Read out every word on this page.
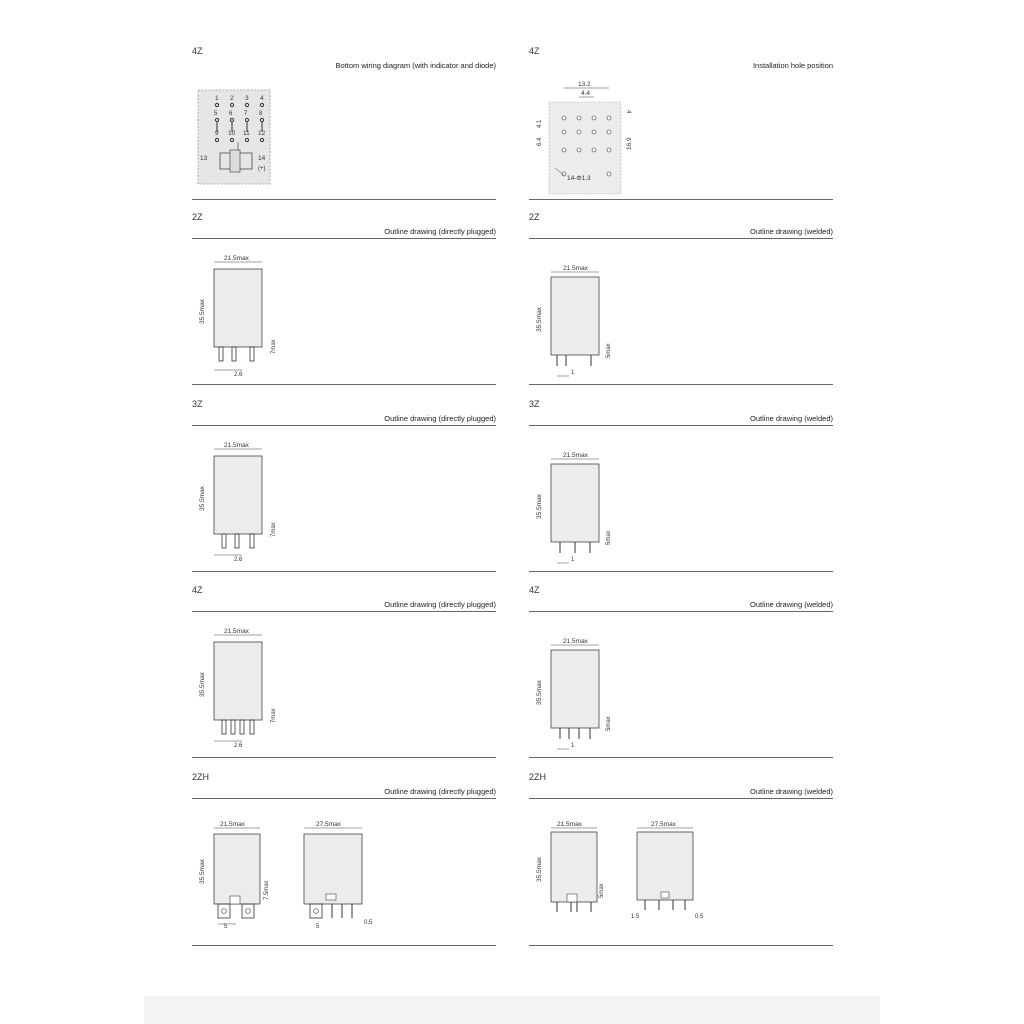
4Z
Bottom wiring diagram (with indicator and diode)
1 2 3 4
5 6 7 8
9 10 11 12
13	14
(+)
4Z
Installation hole position
13.2
4.4
4
4.1
6.4	16.9
14-Φ1.3
2Z
Outline drawing (directly plugged)
21.5max
35.5max
7max
2.6
2Z
Outline drawing (welded)
21.5max
35.5max
5max
1
3Z
Outline drawing (directly plugged)
21.5max
35.5max
7max
2.6
3Z
Outline drawing (welded)
21.5max
35.5max
5max
1
4Z
Outline drawing (directly plugged)
21.5max
35.5max
7max
2.6
4Z
Outline drawing (welded)
21.5max
35.5max
5max
1
2ZH
Outline drawing (directly plugged)
21.5max
35.5max
7.5max
5
27.5max
5
0.5
2ZH
Outline drawing (welded)
21.5max
35.5max
5max
27.5max
1.5	0.5
